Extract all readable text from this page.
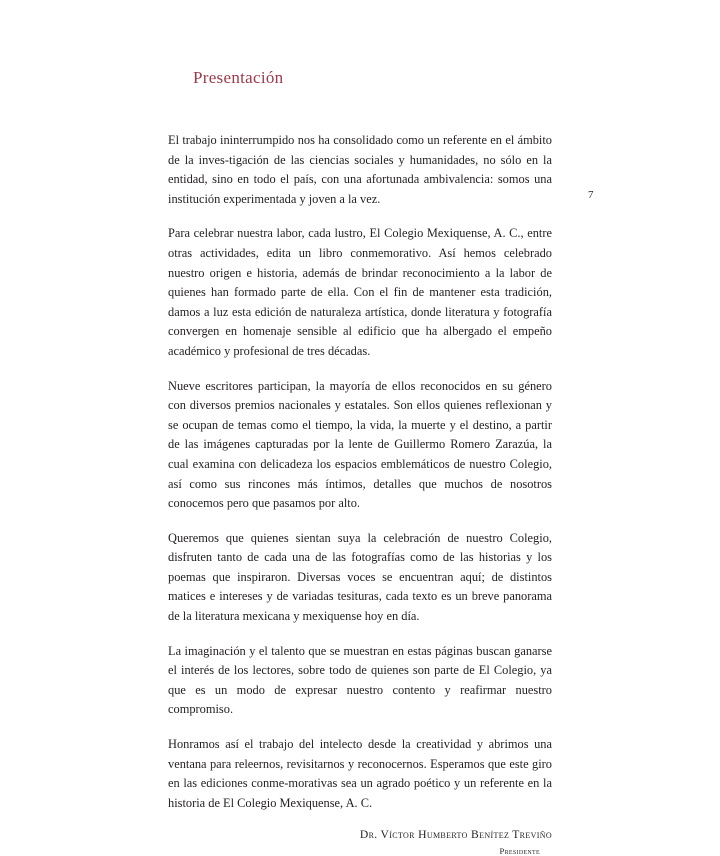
Presentación
7

El trabajo ininterrumpido nos ha consolidado como un referente en el ámbito de la inves-tigación de las ciencias sociales y humanidades, no sólo en la entidad, sino en todo el país, con una afortunada ambivalencia: somos una institución experimentada y joven a la vez.

Para celebrar nuestra labor, cada lustro, El Colegio Mexiquense, A. C., entre otras actividades, edita un libro conmemorativo. Así hemos celebrado nuestro origen e historia, además de brindar reconocimiento a la labor de quienes han formado parte de ella. Con el fin de mantener esta tradición, damos a luz esta edición de naturaleza artística, donde literatura y fotografía convergen en homenaje sensible al edificio que ha albergado el empeño académico y profesional de tres décadas.

Nueve escritores participan, la mayoría de ellos reconocidos en su género con diversos premios nacionales y estatales. Son ellos quienes reflexionan y se ocupan de temas como el tiempo, la vida, la muerte y el destino, a partir de las imágenes capturadas por la lente de Guillermo Romero Zarazúa, la cual examina con delicadeza los espacios emblemáticos de nuestro Colegio, así como sus rincones más íntimos, detalles que muchos de nosotros conocemos pero que pasamos por alto.

Queremos que quienes sientan suya la celebración de nuestro Colegio, disfruten tanto de cada una de las fotografías como de las historias y los poemas que inspiraron. Diversas voces se encuentran aquí; de distintos matices e intereses y de variadas tesituras, cada texto es un breve panorama de la literatura mexicana y mexiquense hoy en día.

La imaginación y el talento que se muestran en estas páginas buscan ganarse el interés de los lectores, sobre todo de quienes son parte de El Colegio, ya que es un modo de expresar nuestro contento y reafirmar nuestro compromiso.

Honramos así el trabajo del intelecto desde la creatividad y abrimos una ventana para releernos, revisitarnos y reconocernos. Esperamos que este giro en las ediciones conme-morativas sea un agrado poético y un referente en la historia de El Colegio Mexiquense, A. C.

Dr. Víctor Humberto Benítez Treviño

Presidente
